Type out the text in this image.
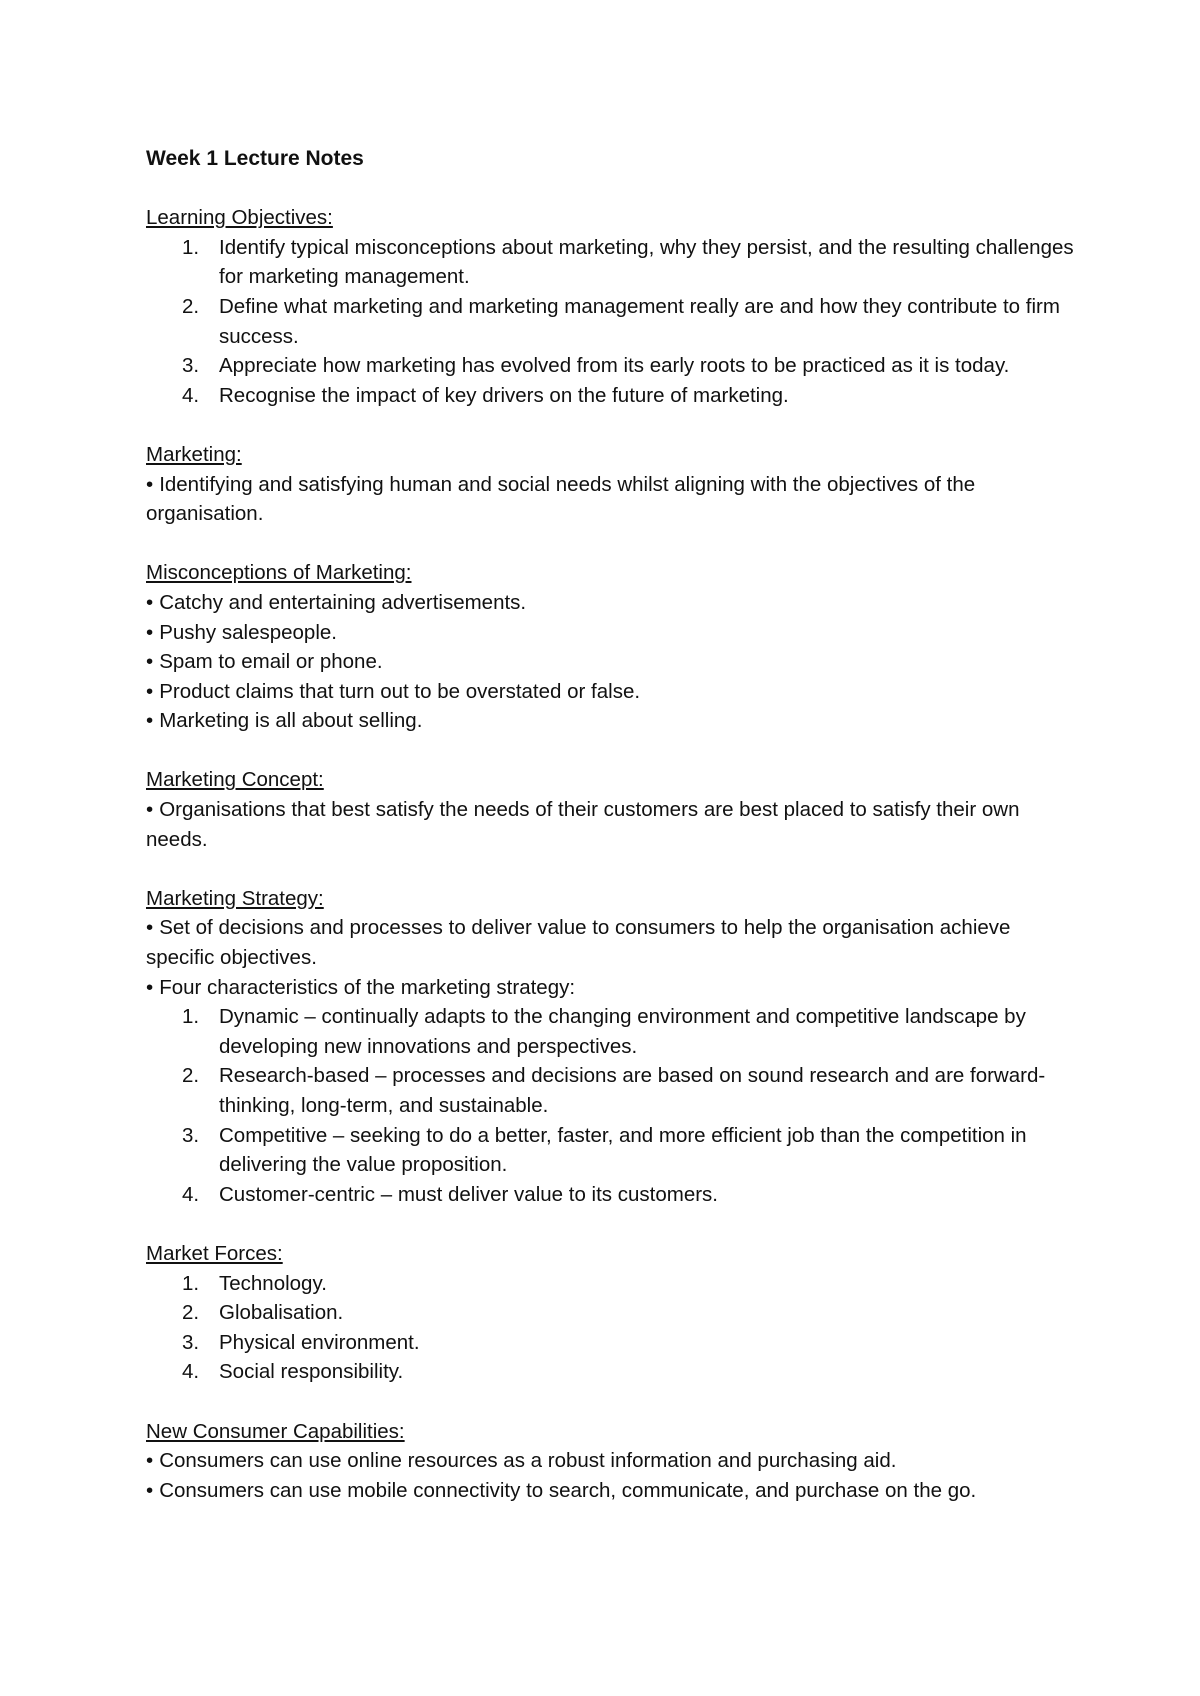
Week 1 Lecture Notes
Learning Objectives:
1. Identify typical misconceptions about marketing, why they persist, and the resulting challenges for marketing management.
2. Define what marketing and marketing management really are and how they contribute to firm success.
3. Appreciate how marketing has evolved from its early roots to be practiced as it is today.
4. Recognise the impact of key drivers on the future of marketing.
Marketing:
• Identifying and satisfying human and social needs whilst aligning with the objectives of the organisation.
Misconceptions of Marketing:
• Catchy and entertaining advertisements.
• Pushy salespeople.
• Spam to email or phone.
• Product claims that turn out to be overstated or false.
• Marketing is all about selling.
Marketing Concept:
• Organisations that best satisfy the needs of their customers are best placed to satisfy their own needs.
Marketing Strategy:
• Set of decisions and processes to deliver value to consumers to help the organisation achieve specific objectives.
• Four characteristics of the marketing strategy:
1. Dynamic – continually adapts to the changing environment and competitive landscape by developing new innovations and perspectives.
2. Research-based – processes and decisions are based on sound research and are forward-thinking, long-term, and sustainable.
3. Competitive – seeking to do a better, faster, and more efficient job than the competition in delivering the value proposition.
4. Customer-centric – must deliver value to its customers.
Market Forces:
1. Technology.
2. Globalisation.
3. Physical environment.
4. Social responsibility.
New Consumer Capabilities:
• Consumers can use online resources as a robust information and purchasing aid.
• Consumers can use mobile connectivity to search, communicate, and purchase on the go.
